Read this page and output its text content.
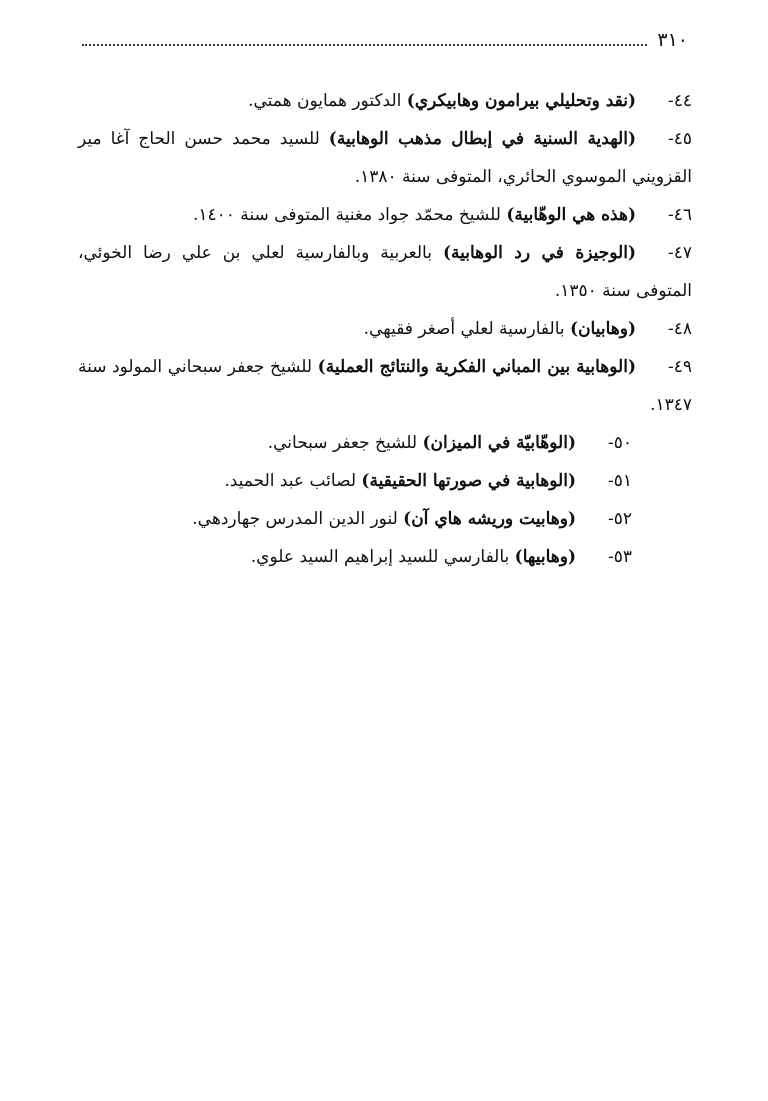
٣١٠

٤٤-(نقد وتحليلي بيرامون وهابيكري) الدكتور همايون همتي.

٤٥-(الهدية السنية في إبطال مذهب الوهابية) للسيد محمد حسن الحاج آغا مير القزويني الموسوي الحائري، المتوفى سنة ١٣٨٠.

٤٦-(هذه هي الوهّابية) للشيخ محمّد جواد مغنية المتوفى سنة ١٤٠٠.

٤٧-(الوجيزة في رد الوهابية) بالعربية وبالفارسية لعلي بن علي رضا الخوئي، المتوفى سنة ١٣٥٠.

٤٨-(وهابيان) بالفارسية لعلي أصغر فقيهي.

٤٩-(الوهابية بين المباني الفكرية والنتائج العملية) للشيخ جعفر سبحاني المولود سنة ١٣٤٧.

٥٠-(الوهّابيّة في الميزان) للشيخ جعفر سبحاني.

٥١-(الوهابية في صورتها الحقيقية) لصائب عبد الحميد.

٥٢-(وهابيت وريشه هاي آن) لنور الدين المدرس جهاردهي.

٥٣-(وهابيها) بالفارسي للسيد إبراهيم السيد علوي.
